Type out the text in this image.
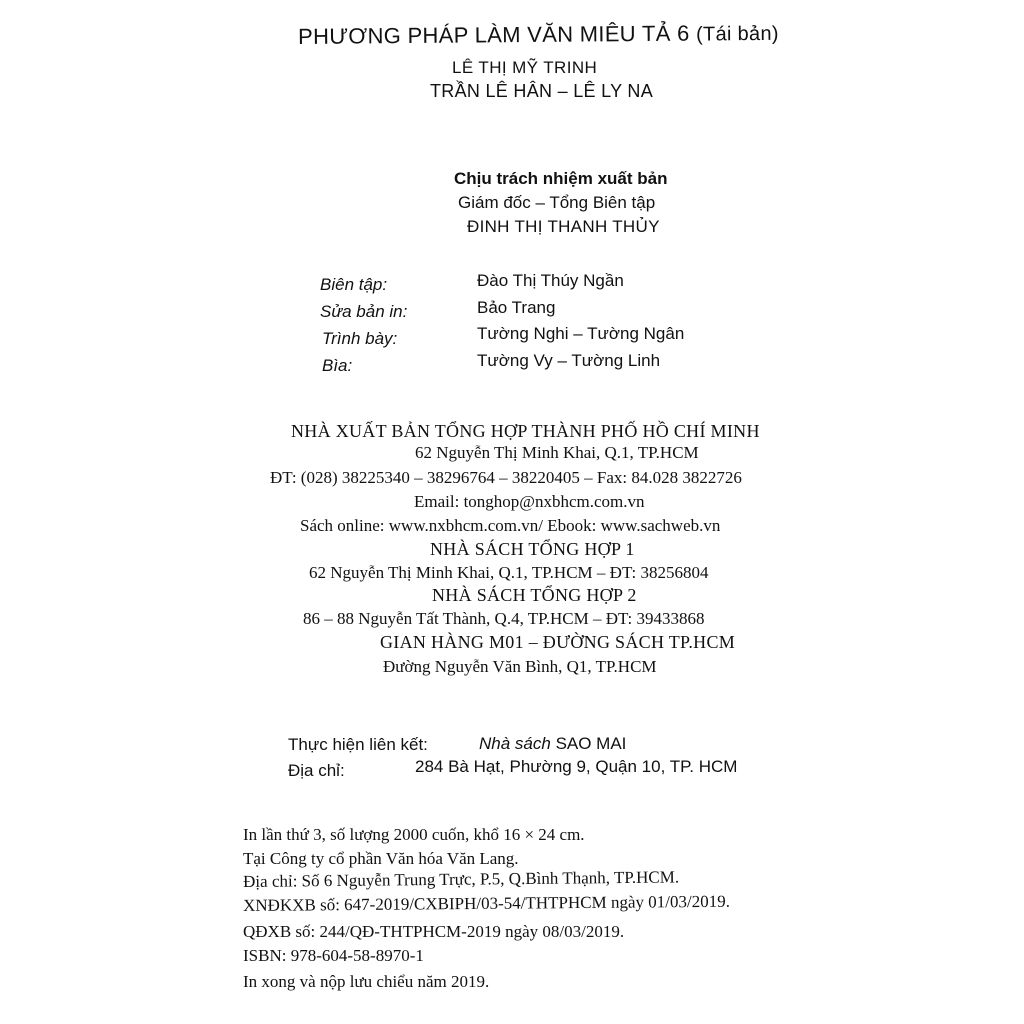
PHƯƠNG PHÁP LÀM VĂN MIÊU TẢ 6 (Tái bản)
LÊ THỊ MỸ TRINH
TRẦN LÊ HÂN – LÊ LY NA
Chịu trách nhiệm xuất bản
Giám đốc – Tổng Biên tập
ĐINH THỊ THANH THỦY
Biên tập:	Đào Thị Thúy Ngần
Sửa bản in:	Bảo Trang
Trình bày:	Tường Nghi – Tường Ngân
Bìa:	Tường Vy – Tường Linh
NHÀ XUẤT BẢN TỔNG HỢP THÀNH PHỐ HỒ CHÍ MINH
62 Nguyễn Thị Minh Khai, Q.1, TP.HCM
ĐT: (028) 38225340 – 38296764 – 38220405 – Fax: 84.028 3822726
Email: tonghop@nxbhcm.com.vn
Sách online: www.nxbhcm.com.vn/ Ebook: www.sachweb.vn
NHÀ SÁCH TỔNG HỢP 1
62 Nguyễn Thị Minh Khai, Q.1, TP.HCM – ĐT: 38256804
NHÀ SÁCH TỔNG HỢP 2
86 – 88 Nguyễn Tất Thành, Q.4, TP.HCM – ĐT: 39433868
GIAN HÀNG M01 – ĐƯỜNG SÁCH TP.HCM
Đường Nguyễn Văn Bình, Q1, TP.HCM
Thực hiện liên kết:	Nhà sách SAO MAI
Địa chỉ:	284 Bà Hạt, Phường 9, Quận 10, TP. HCM
In lần thứ 3, số lượng 2000 cuốn, khổ 16 × 24 cm.
Tại Công ty cổ phần Văn hóa Văn Lang.
Địa chỉ: Số 6 Nguyễn Trung Trực, P.5, Q.Bình Thạnh, TP.HCM.
XNĐKXB số: 647-2019/CXBIPH/03-54/THTPHCM ngày 01/03/2019.
QĐXB số: 244/QĐ-THTPHCM-2019 ngày 08/03/2019.
ISBN: 978-604-58-8970-1
In xong và nộp lưu chiểu năm 2019.
